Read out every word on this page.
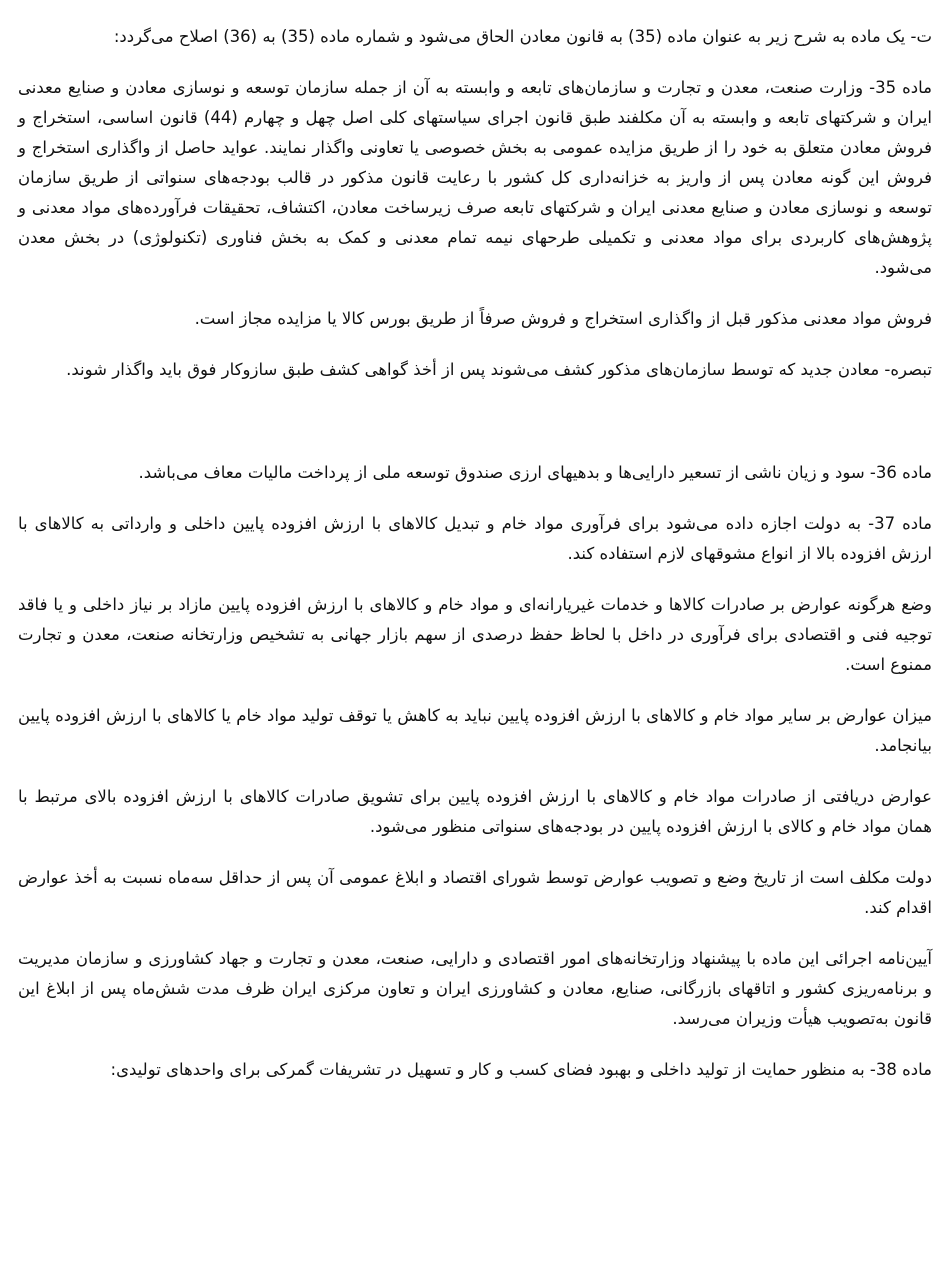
ت- یک ماده به شرح زیر به عنوان ماده (35) به قانون معادن الحاق می‌شود و شماره ماده (35) به (36) اصلاح می‌گردد:

ماده 35- وزارت صنعت، معدن و تجارت و سازمان‌های تابعه و وابسته به آن از جمله سازمان توسعه و نوسازی معادن و صنایع معدنی ایران و شرکتهای تابعه و وابسته به آن مکلفند طبق قانون اجرای سیاستهای کلی اصل چهل و چهارم (44) قانون اساسی، استخراج و فروش معادن متعلق به خود را از طریق مزایده عمومی به بخش خصوصی یا تعاونی واگذار نمایند. عواید حاصل از واگذاری استخراج و فروش این گونه معادن پس از واریز به خزانه‌داری کل کشور با رعایت قانون مذکور در قالب بودجه‌های سنواتی از طریق سازمان توسعه و نوسازی معادن و صنایع معدنی ایران و شرکتهای تابعه صرف زیرساخت معادن، اکتشاف، تحقیقات فرآورده‌های مواد معدنی و پژوهش‌های کاربردی برای مواد معدنی و تکمیلی طرحهای نیمه تمام معدنی و کمک به بخش فناوری (تکنولوژی) در بخش معدن می‌شود.

فروش مواد معدنی مذکور قبل از واگذاری استخراج و فروش صرفاً از طریق بورس کالا یا مزایده مجاز است.

تبصره- معادن جدید که توسط سازمان‌های مذکور کشف می‌شوند پس از أخذ گواهی کشف طبق سازوکار فوق باید واگذار شوند.

ماده 36- سود و زیان ناشی از تسعیر دارایی‌ها و بدهیهای ارزی صندوق توسعه ملی از پرداخت مالیات معاف می‌باشد.

ماده 37- به دولت اجازه داده می‌شود برای فرآوری مواد خام و تبدیل کالاهای با ارزش افزوده پایین داخلی و وارداتی به کالاهای با ارزش افزوده بالا از انواع مشوقهای لازم استفاده کند.

وضع هرگونه عوارض بر صادرات کالاها و خدمات غیریارانه‌ای و مواد خام و کالاهای با ارزش افزوده پایین مازاد بر نیاز داخلی و یا فاقد توجیه فنی و اقتصادی برای فرآوری در داخل با لحاظ حفظ درصدی از سهم بازار جهانی به تشخیص وزارتخانه صنعت، معدن و تجارت ممنوع است.

میزان عوارض بر سایر مواد خام و کالاهای با ارزش افزوده پایین نباید به کاهش یا توقف تولید مواد خام یا کالاهای با ارزش افزوده پایین بیانجامد.

عوارض دریافتی از صادرات مواد خام و کالاهای با ارزش افزوده پایین برای تشویق صادرات کالاهای با ارزش افزوده بالای مرتبط با همان مواد خام و کالای با ارزش افزوده پایین در بودجه‌های سنواتی منظور می‌شود.

دولت مکلف است از تاریخ وضع و تصویب عوارض توسط شورای اقتصاد و ابلاغ عمومی آن پس از حداقل سه‌ماه نسبت به أخذ عوارض اقدام کند.

آیین‌نامه اجرائی این ماده با پیشنهاد وزارتخانه‌های امور اقتصادی و دارایی، صنعت، معدن و تجارت و جهاد کشاورزی و سازمان مدیریت و برنامه‌ریزی کشور و اتاقهای بازرگانی، صنایع، معادن و کشاورزی ایران و تعاون مرکزی ایران ظرف مدت شش‌ماه پس از ابلاغ این قانون به‌تصویب هیأت وزیران می‌رسد.

ماده 38- به منظور حمایت از تولید داخلی و بهبود فضای کسب و کار و تسهیل در تشریفات گمرکی برای واحدهای تولیدی:
